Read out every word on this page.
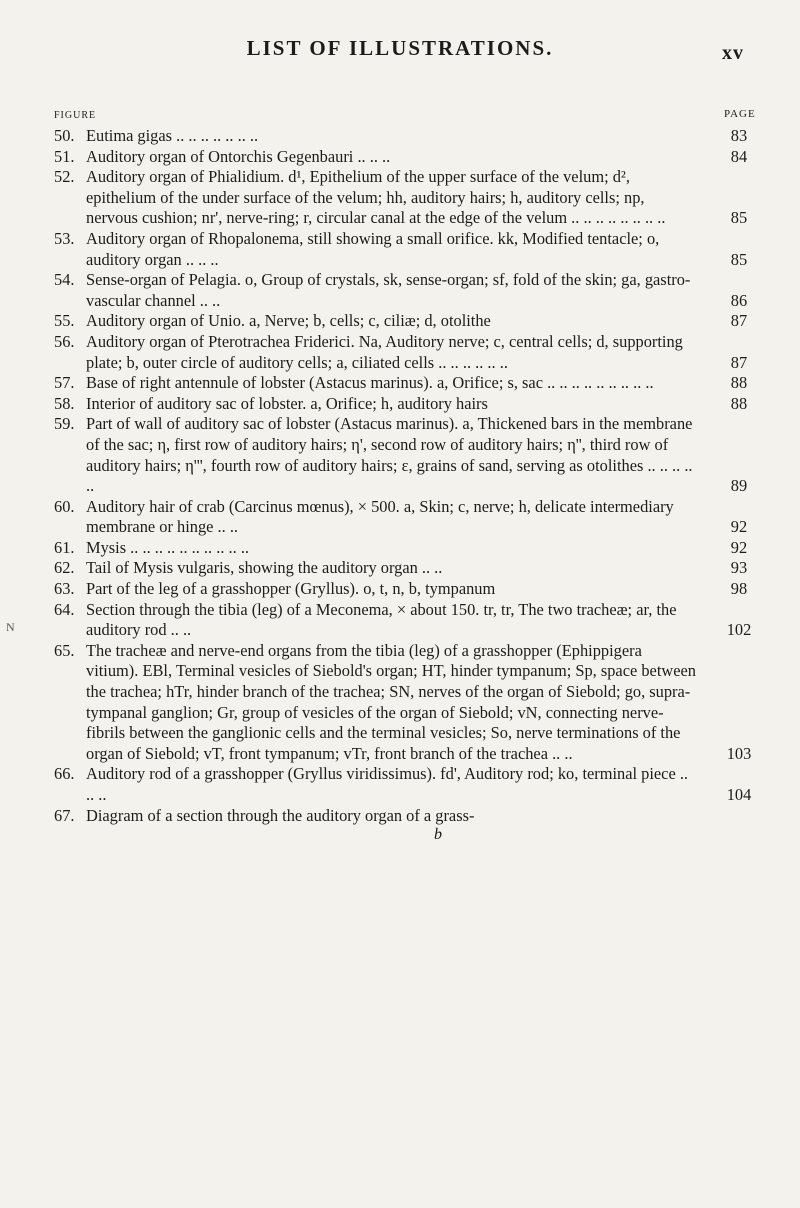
LIST OF ILLUSTRATIONS.	xv
FIGURE	PAGE
N
50. Eutima gigas .. .. .. .. .. .. ..	83
51. Auditory organ of Ontorchis Gegenbauri .. .. ..	84
52. Auditory organ of Phialidium. d¹, Epithelium of the upper surface of the velum; d², epithelium of the under surface of the velum; hh, auditory hairs; h, auditory cells; np, nervous cushion; nr', nerve-ring; r, circular canal at the edge of the velum .. .. .. .. .. .. .. ..	85
53. Auditory organ of Rhopalonema, still showing a small orifice. kk, Modified tentacle; o, auditory organ .. .. ..	85
54. Sense-organ of Pelagia. o, Group of crystals, sk, sense-organ; sf, fold of the skin; ga, gastro-vascular channel .. ..	86
55. Auditory organ of Unio. a, Nerve; b, cells; c, ciliæ; d, otolithe	87
56. Auditory organ of Pterotrachea Friderici. Na, Auditory nerve; c, central cells; d, supporting plate; b, outer circle of auditory cells; a, ciliated cells .. .. .. .. .. ..	87
57. Base of right antennule of lobster (Astacus marinus). a, Orifice; s, sac .. .. .. .. .. .. .. .. ..	88
58. Interior of auditory sac of lobster. a, Orifice; h, auditory hairs	88
59. Part of wall of auditory sac of lobster (Astacus marinus). a, Thickened bars in the membrane of the sac; η, first row of auditory hairs; η', second row of auditory hairs; η'', third row of auditory hairs; η''', fourth row of auditory hairs; ε, grains of sand, serving as otolithes .. .. .. .. ..	89
60. Auditory hair of crab (Carcinus mœnus), × 500. a, Skin; c, nerve; h, delicate intermediary membrane or hinge .. ..	92
61. Mysis .. .. .. .. .. .. .. .. .. ..	92
62. Tail of Mysis vulgaris, showing the auditory organ .. ..	93
63. Part of the leg of a grasshopper (Gryllus). o, t, n, b, tympanum	98
64. Section through the tibia (leg) of a Meconema, × about 150. tr, tr, The two tracheæ; ar, the auditory rod .. ..	102
65. The tracheæ and nerve-end organs from the tibia (leg) of a grasshopper (Ephippigera vitium). EBl, Terminal vesicles of Siebold's organ; HT, hinder tympanum; Sp, space between the trachea; hTr, hinder branch of the trachea; SN, nerves of the organ of Siebold; go, supra-tympanal ganglion; Gr, group of vesicles of the organ of Siebold; vN, connecting nerve-fibrils between the ganglionic cells and the terminal vesicles; So, nerve terminations of the organ of Siebold; vT, front tympanum; vTr, front branch of the trachea .. ..	103
66. Auditory rod of a grasshopper (Gryllus viridissimus). fd', Auditory rod; ko, terminal piece .. .. ..	104
67. Diagram of a section through the auditory organ of a grass-
b
